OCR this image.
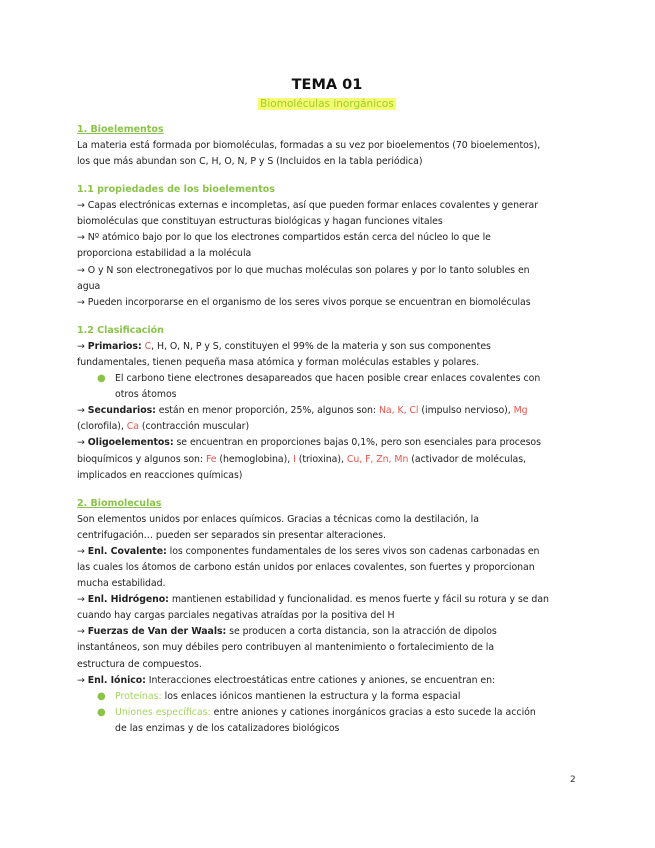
TEMA 01
Biomoléculas inorgánicos

1. Bioelementos

La materia está formada por biomoléculas, formadas a su vez por bioelementos (70 bioelementos),

los que más abundan son C, H, O, N, P y S (Incluidos en la tabla periódica)

1.1 propiedades de los bioelementos

→ Capas electrónicas externas e incompletas, así que pueden formar enlaces covalentes y generar

biomoléculas que constituyan estructuras biológicas y hagan funciones vitales

→ Nº atómico bajo por lo que los electrones compartidos están cerca del núcleo lo que le

proporciona estabilidad a la molécula

→ O y N son electronegativos por lo que muchas moléculas son polares y por lo tanto solubles en

agua

→ Pueden incorporarse en el organismo de los seres vivos porque se encuentran en biomoléculas

1.2 Clasificación

→ Primarios: C, H, O, N, P y S, constituyen el 99% de la materia y son sus componentes

fundamentales, tienen pequeña masa atómica y forman moléculas estables y polares.

● El carbono tiene electrones desapareados que hacen posible crear enlaces covalentes con
otros átomos

→ Secundarios: están en menor proporción, 25%, algunos son: Na, K, Cl (impulso nervioso), Mg

(clorofila), Ca (contracción muscular)

→ Oligoelementos: se encuentran en proporciones bajas 0,1%, pero son esenciales para procesos

bioquímicos y algunos son: Fe (hemoglobina), I (trioxina), Cu, F, Zn, Mn (activador de moléculas,

implicados en reacciones químicas)

2. Biomoleculas

Son elementos unidos por enlaces químicos. Gracias a técnicas como la destilación, la

centrifugación… pueden ser separados sin presentar alteraciones.

→ Enl. Covalente: los componentes fundamentales de los seres vivos son cadenas carbonadas en

las cuales los átomos de carbono están unidos por enlaces covalentes, son fuertes y proporcionan

mucha estabilidad.

→ Enl. Hidrógeno: mantienen estabilidad y funcionalidad. es menos fuerte y fácil su rotura y se dan

cuando hay cargas parciales negativas atraídas por la positiva del H

→ Fuerzas de Van der Waals: se producen a corta distancia, son la atracción de dipolos

instantáneos, son muy débiles pero contribuyen al mantenimiento o fortalecimiento de la

estructura de compuestos.

→ Enl. Iónico: Interacciones electroestáticas entre cationes y aniones, se encuentran en:

● Proteínas: los enlaces iónicos mantienen la estructura y la forma espacial
● Uniones específicas: entre aniones y cationes inorgánicos gracias a esto sucede la acción
de las enzimas y de los catalizadores biológicos
2
